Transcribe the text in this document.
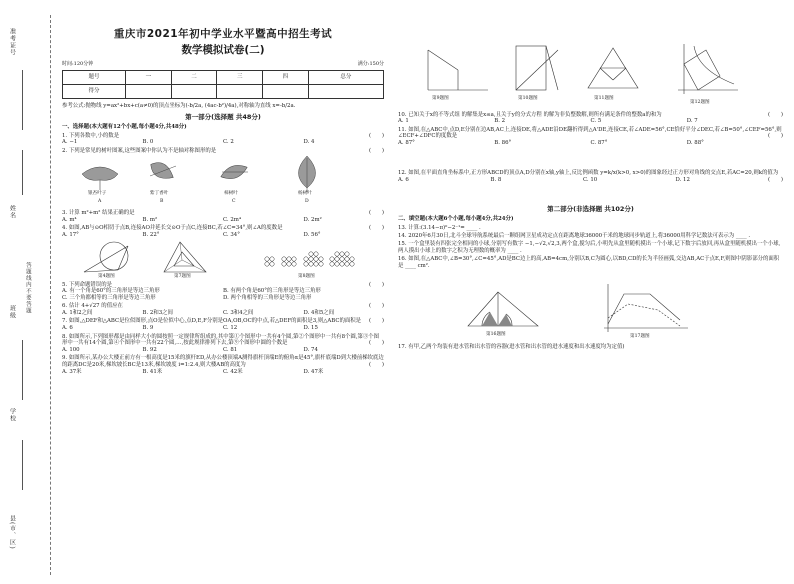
准考证号
姓名
答题线内不要答题
班级
学校
县(市、区)
重庆市2021年初中学业水平暨高中招生考试
数学模拟试卷(二)
时间:120分钟	满分:150分
题号	一	二	三	四	总分
得分					
参考公式:抛物线 y=ax²+bx+c(a≠0)的顶点坐标为(-b/2a, (4ac-b²)/4a),对称轴为直线 x=-b/2a.
第一部分(选择题 共48分)
一、选择题(本大题有12个小题,每小题4分,共48分)
1. 下列各数中,小的数是	(　　)
A. −1	B. 0	C. 2	D. 4
2. 下列是常见的树叶图案,这些图案中你认为不是轴对称图形的是	(　　)
银杏叶子	紫丁香叶	柿树叶	杨树叶
A	B	C	D
3. 计算 m²+m² 结果正确的是	(　　)
A. m⁴	B. m²	C. 2m⁴	D. 2m²
4. 如图,AB与⊙O相切于点B,连接AO并延长交⊙O于点C,连接BC,若∠C=34°,则∠A的度数是	(　　)
A. 17°	B. 22°	C. 34°	D. 56°
第4题图	第7题图	第8题图
5. 下列命题错误的是	(　　)
A. 有一个角是60°的三角形是等边三角形	B. 有两个角是60°的三角形是等边三角形
C. 三个角都相等的三角形是等边三角形	D. 两个角相等的三角形是等边三角形
6. 估计 4+√27 的值应在	(　　)
A. 1和2之间	B. 2和3之间	C. 3和4之间	D. 4和5之间
7. 如图,△DEF和△ABC是位似图形,点O是位似中心,点D,E,F分别是OA,OB,OC的中点,若△DEF的面积是3,则△ABC的面积是 (　　)
A. 6	B. 9	C. 12	D. 15
8. 如图所示,下列图形都是由同样大小的圆按照一定规律所组成的,其中第①个图形中一共有4个圆,第②个图形中一共有8个圆,第③个图形中一共有14个圆,第④个图形中一共有22个圆,…,按此规律排列下去,第⑨个图形中圆的个数是	(　　)
A. 100	B. 92	C. 81	D. 74
9. 如图所示,某办公大楼正前方有一根高度是15米的旗杆ED,从办公楼顶端A测得旗杆顶端E的俯角α是45°,旗杆底端D到大楼前梯坎底边的距离DC是20米,梯坎坡长BC是13米,梯坎坡度 i=1:2.4,则大楼AB的高度为	(　　)
A. 37米	B. 41米	C. 42米	D. 47米
第9题图	第10题图	第11题图
第12题图
10. 已知关于x的不等式组 的解集是x≤a,且关于y的分式方程 的解为非负整数解,则所有满足条件的整数a的和为	(　　)
A. 1	B. 2	C. 5	D. 7
11. 如图,在△ABC中,点D,E分别在边AB,AC上,连接DE,将△ADE沿DE翻折得到△A'DE,连接CE,若∠ADE=56°,CE恰好平分∠DEC,若∠B=50°,∠CEF=56°,则∠ECF+∠DFC的度数是	(　　)
A. 87°	B. 86°	C. 87°	D. 88°
12. 如图,在平面直角坐标系中,正方形ABCD的顶点A,D分别在x轴,y轴上,反比例函数 y=k/x(k>0, x>0)的图象经过正方形对角线的交点E,若AC=20,则k的值为
(　　)
A. 6	B. 8	C. 10	D. 12
第二部分(非选择题 共102分)
二、填空题(本大题6个小题,每小题4分,共24分)
13. 计算:(3.14−π)⁰−2⁻¹= ____ .
14. 2020年6月30日,北斗全球导航系统最后一颗组网卫星成功定点在距离地球36000千米的地球同步轨道上,将36000用科学记数法可表示为 ____ .
15. 一个盒里装有四张完全相同的小球,分别写有数字 −1,−√2,√2,3,两个盒,搅匀后,小明先从盒里随机摸出一个小球,记下数字后放回,再从盒里随机摸出一个小球,两人摸出小球上的数字之积为无理数的概率为 ____ .
16. 如图,在△ABC中,∠B=30°,∠C=45°,AD是BC边上的高,AB=4cm,分别以B,C为圆心,以BD,CD的长为半径画弧,交边AB,AC于点E,F,则图中阴影部分的面积是 ____ cm².
第16题图	第17题图
17. 有甲,乙两个均装有进水管和出水管的容器(进水管和出水管的进水速度和出水速度均为定值)
